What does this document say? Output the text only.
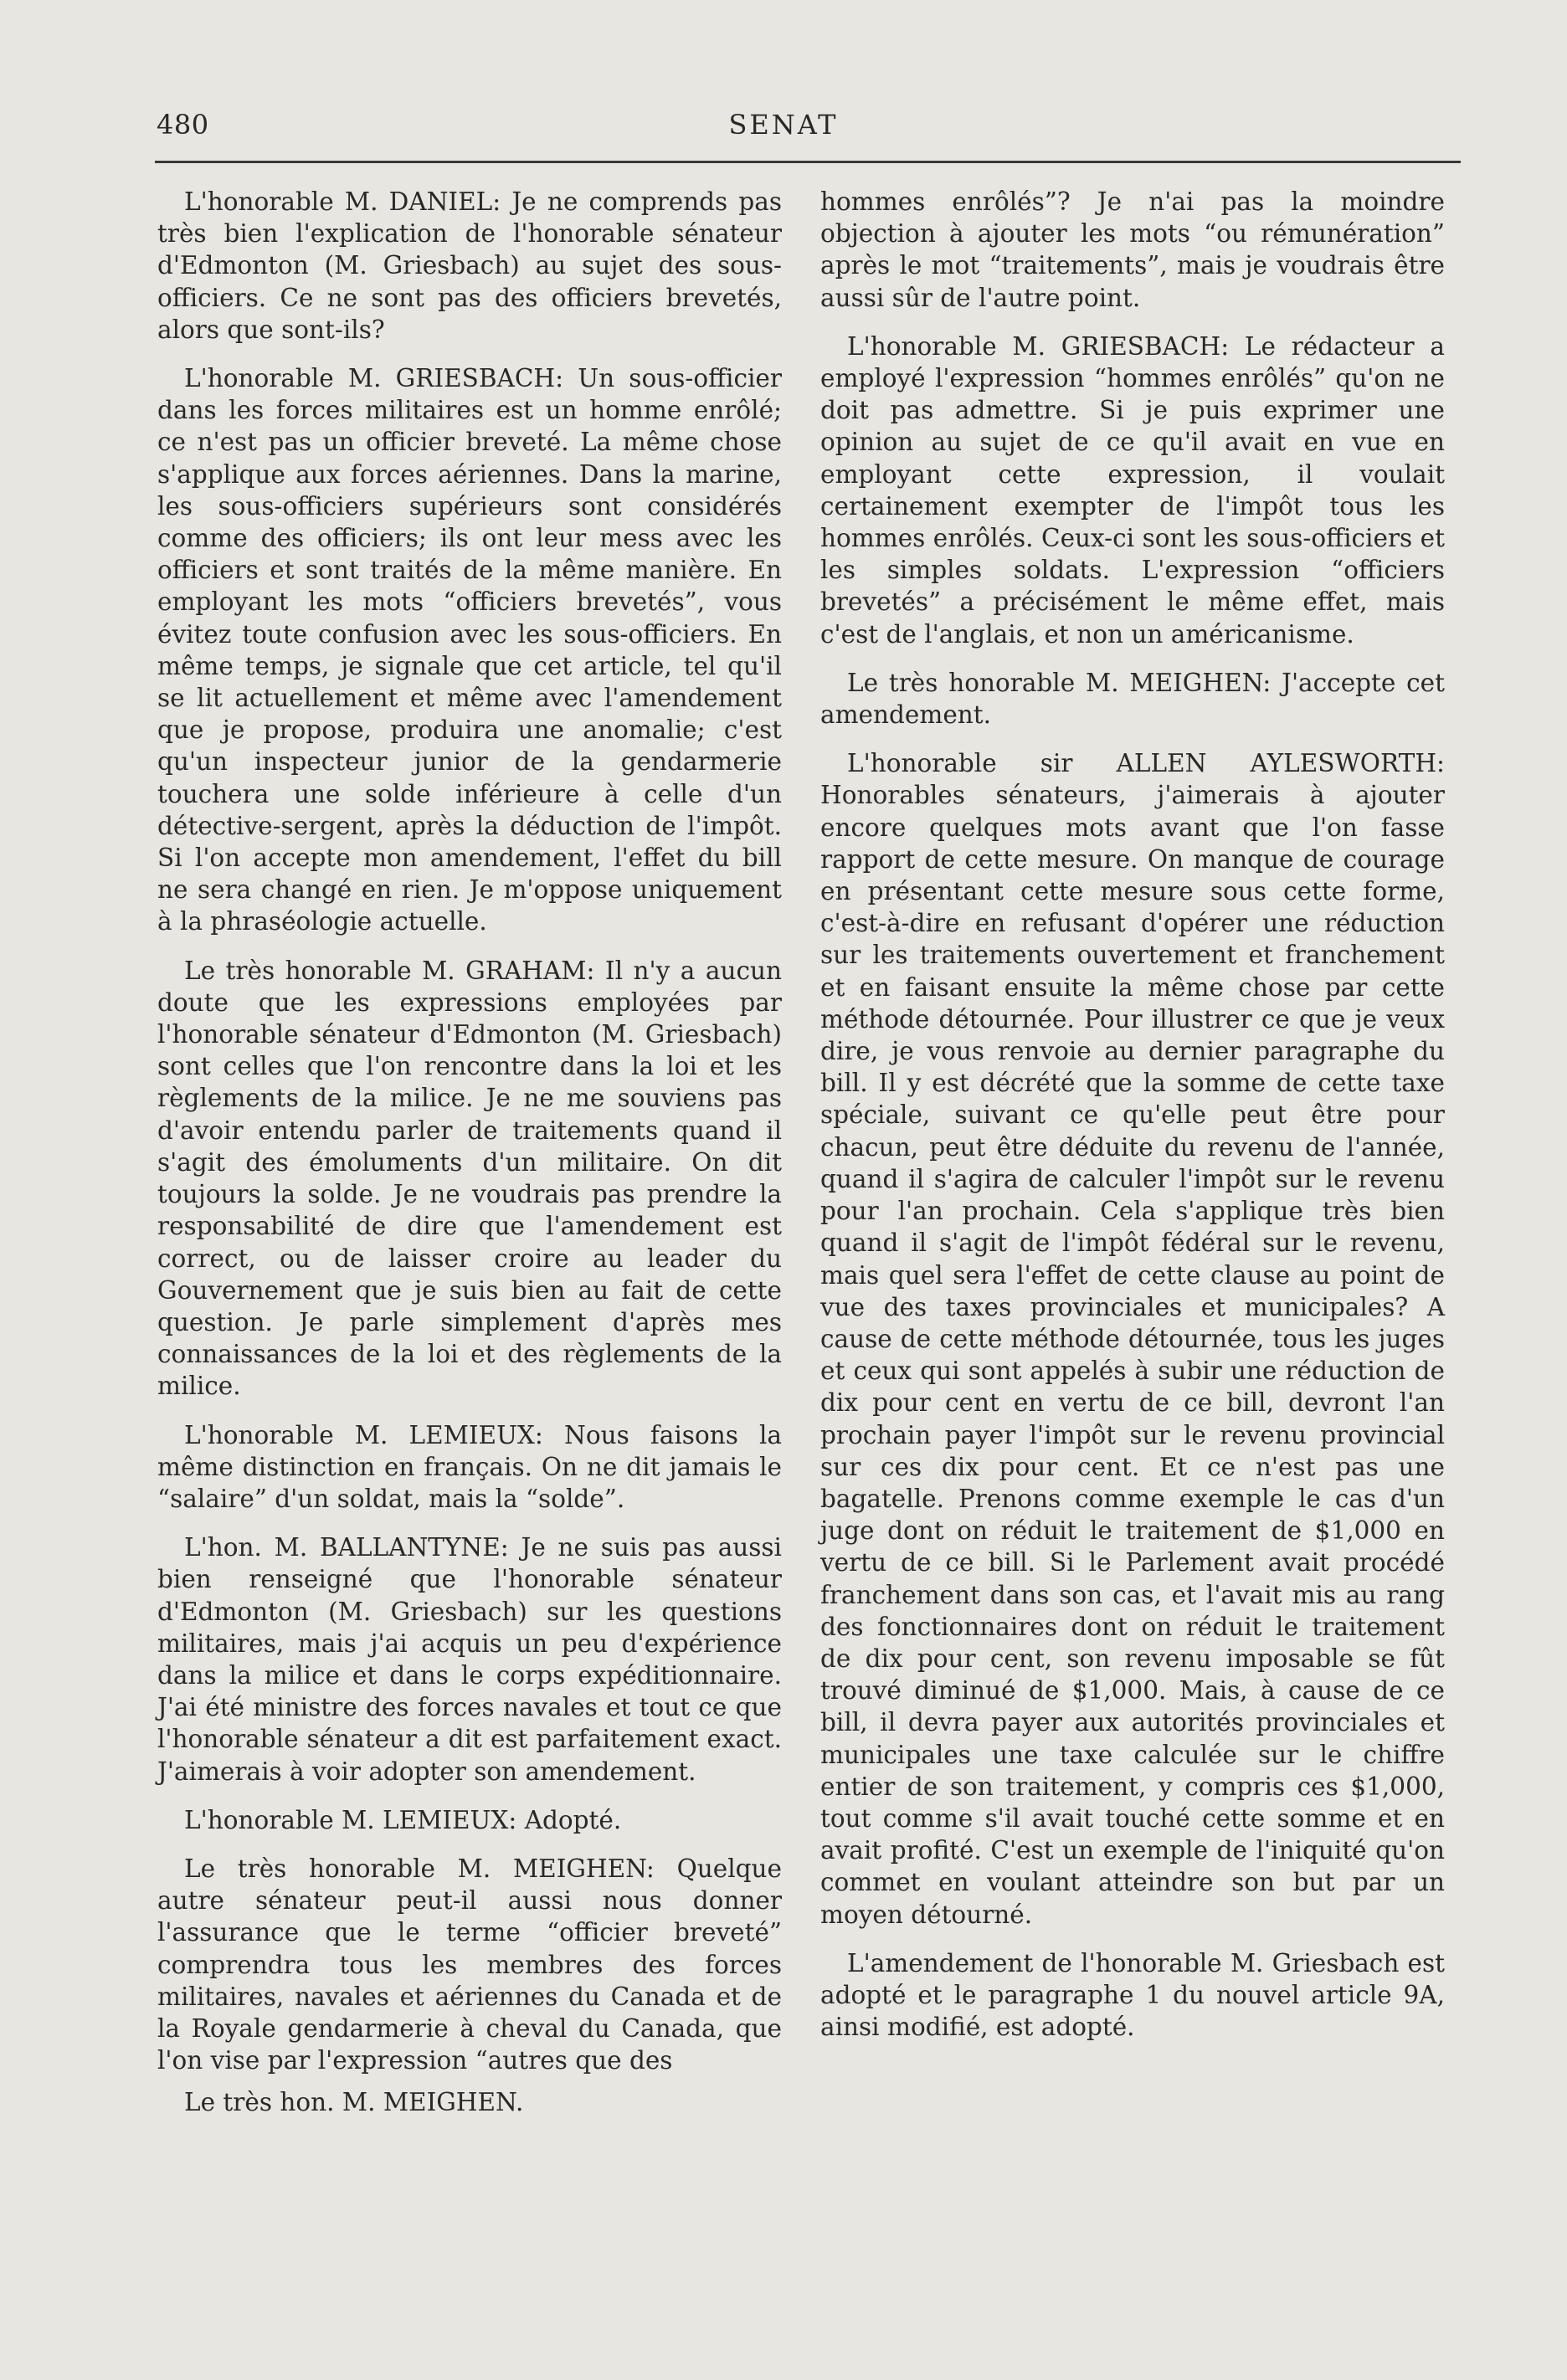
480	SENAT

L'honorable M. DANIEL: Je ne comprends pas très bien l'explication de l'honorable sénateur d'Edmonton (M. Griesbach) au sujet des sous-officiers. Ce ne sont pas des officiers brevetés, alors que sont-ils?

L'honorable M. GRIESBACH: Un sous-officier dans les forces militaires est un homme enrôlé; ce n'est pas un officier breveté. La même chose s'applique aux forces aériennes. Dans la marine, les sous-officiers supérieurs sont considérés comme des officiers; ils ont leur mess avec les officiers et sont traités de la même manière. En employant les mots “officiers brevetés”, vous évitez toute confusion avec les sous-officiers. En même temps, je signale que cet article, tel qu'il se lit actuellement et même avec l'amendement que je propose, produira une anomalie; c'est qu'un inspecteur junior de la gendarmerie touchera une solde inférieure à celle d'un détective-sergent, après la déduction de l'impôt. Si l'on accepte mon amendement, l'effet du bill ne sera changé en rien. Je m'oppose uniquement à la phraséologie actuelle.

Le très honorable M. GRAHAM: Il n'y a aucun doute que les expressions employées par l'honorable sénateur d'Edmonton (M. Griesbach) sont celles que l'on rencontre dans la loi et les règlements de la milice. Je ne me souviens pas d'avoir entendu parler de traitements quand il s'agit des émoluments d'un militaire. On dit toujours la solde. Je ne voudrais pas prendre la responsabilité de dire que l'amendement est correct, ou de laisser croire au leader du Gouvernement que je suis bien au fait de cette question. Je parle simplement d'après mes connaissances de la loi et des règlements de la milice.

L'honorable M. LEMIEUX: Nous faisons la même distinction en français. On ne dit jamais le “salaire” d'un soldat, mais la “solde”.

L'hon. M. BALLANTYNE: Je ne suis pas aussi bien renseigné que l'honorable sénateur d'Edmonton (M. Griesbach) sur les questions militaires, mais j'ai acquis un peu d'expérience dans la milice et dans le corps expéditionnaire. J'ai été ministre des forces navales et tout ce que l'honorable sénateur a dit est parfaitement exact. J'aimerais à voir adopter son amendement.

L'honorable M. LEMIEUX: Adopté.

Le très honorable M. MEIGHEN: Quelque autre sénateur peut-il aussi nous donner l'assurance que le terme “officier breveté” comprendra tous les membres des forces militaires, navales et aériennes du Canada et de la Royale gendarmerie à cheval du Canada, que l'on vise par l'expression “autres que des

Le très hon. M. MEIGHEN.

hommes enrôlés”? Je n'ai pas la moindre objection à ajouter les mots “ou rémunération” après le mot “traitements”, mais je voudrais être aussi sûr de l'autre point.

L'honorable M. GRIESBACH: Le rédacteur a employé l'expression “hommes enrôlés” qu'on ne doit pas admettre. Si je puis exprimer une opinion au sujet de ce qu'il avait en vue en employant cette expression, il voulait certainement exempter de l'impôt tous les hommes enrôlés. Ceux-ci sont les sous-officiers et les simples soldats. L'expression “officiers brevetés” a précisément le même effet, mais c'est de l'anglais, et non un américanisme.

Le très honorable M. MEIGHEN: J'accepte cet amendement.

L'honorable sir ALLEN AYLESWORTH: Honorables sénateurs, j'aimerais à ajouter encore quelques mots avant que l'on fasse rapport de cette mesure. On manque de courage en présentant cette mesure sous cette forme, c'est-à-dire en refusant d'opérer une réduction sur les traitements ouvertement et franchement et en faisant ensuite la même chose par cette méthode détournée. Pour illustrer ce que je veux dire, je vous renvoie au dernier paragraphe du bill. Il y est décrété que la somme de cette taxe spéciale, suivant ce qu'elle peut être pour chacun, peut être déduite du revenu de l'année, quand il s'agira de calculer l'impôt sur le revenu pour l'an prochain. Cela s'applique très bien quand il s'agit de l'impôt fédéral sur le revenu, mais quel sera l'effet de cette clause au point de vue des taxes provinciales et municipales? A cause de cette méthode détournée, tous les juges et ceux qui sont appelés à subir une réduction de dix pour cent en vertu de ce bill, devront l'an prochain payer l'impôt sur le revenu provincial sur ces dix pour cent. Et ce n'est pas une bagatelle. Prenons comme exemple le cas d'un juge dont on réduit le traitement de $1,000 en vertu de ce bill. Si le Parlement avait procédé franchement dans son cas, et l'avait mis au rang des fonctionnaires dont on réduit le traitement de dix pour cent, son revenu imposable se fût trouvé diminué de $1,000. Mais, à cause de ce bill, il devra payer aux autorités provinciales et municipales une taxe calculée sur le chiffre entier de son traitement, y compris ces $1,000, tout comme s'il avait touché cette somme et en avait profité. C'est un exemple de l'iniquité qu'on commet en voulant atteindre son but par un moyen détourné.

L'amendement de l'honorable M. Griesbach est adopté et le paragraphe 1 du nouvel article 9A, ainsi modifié, est adopté.
